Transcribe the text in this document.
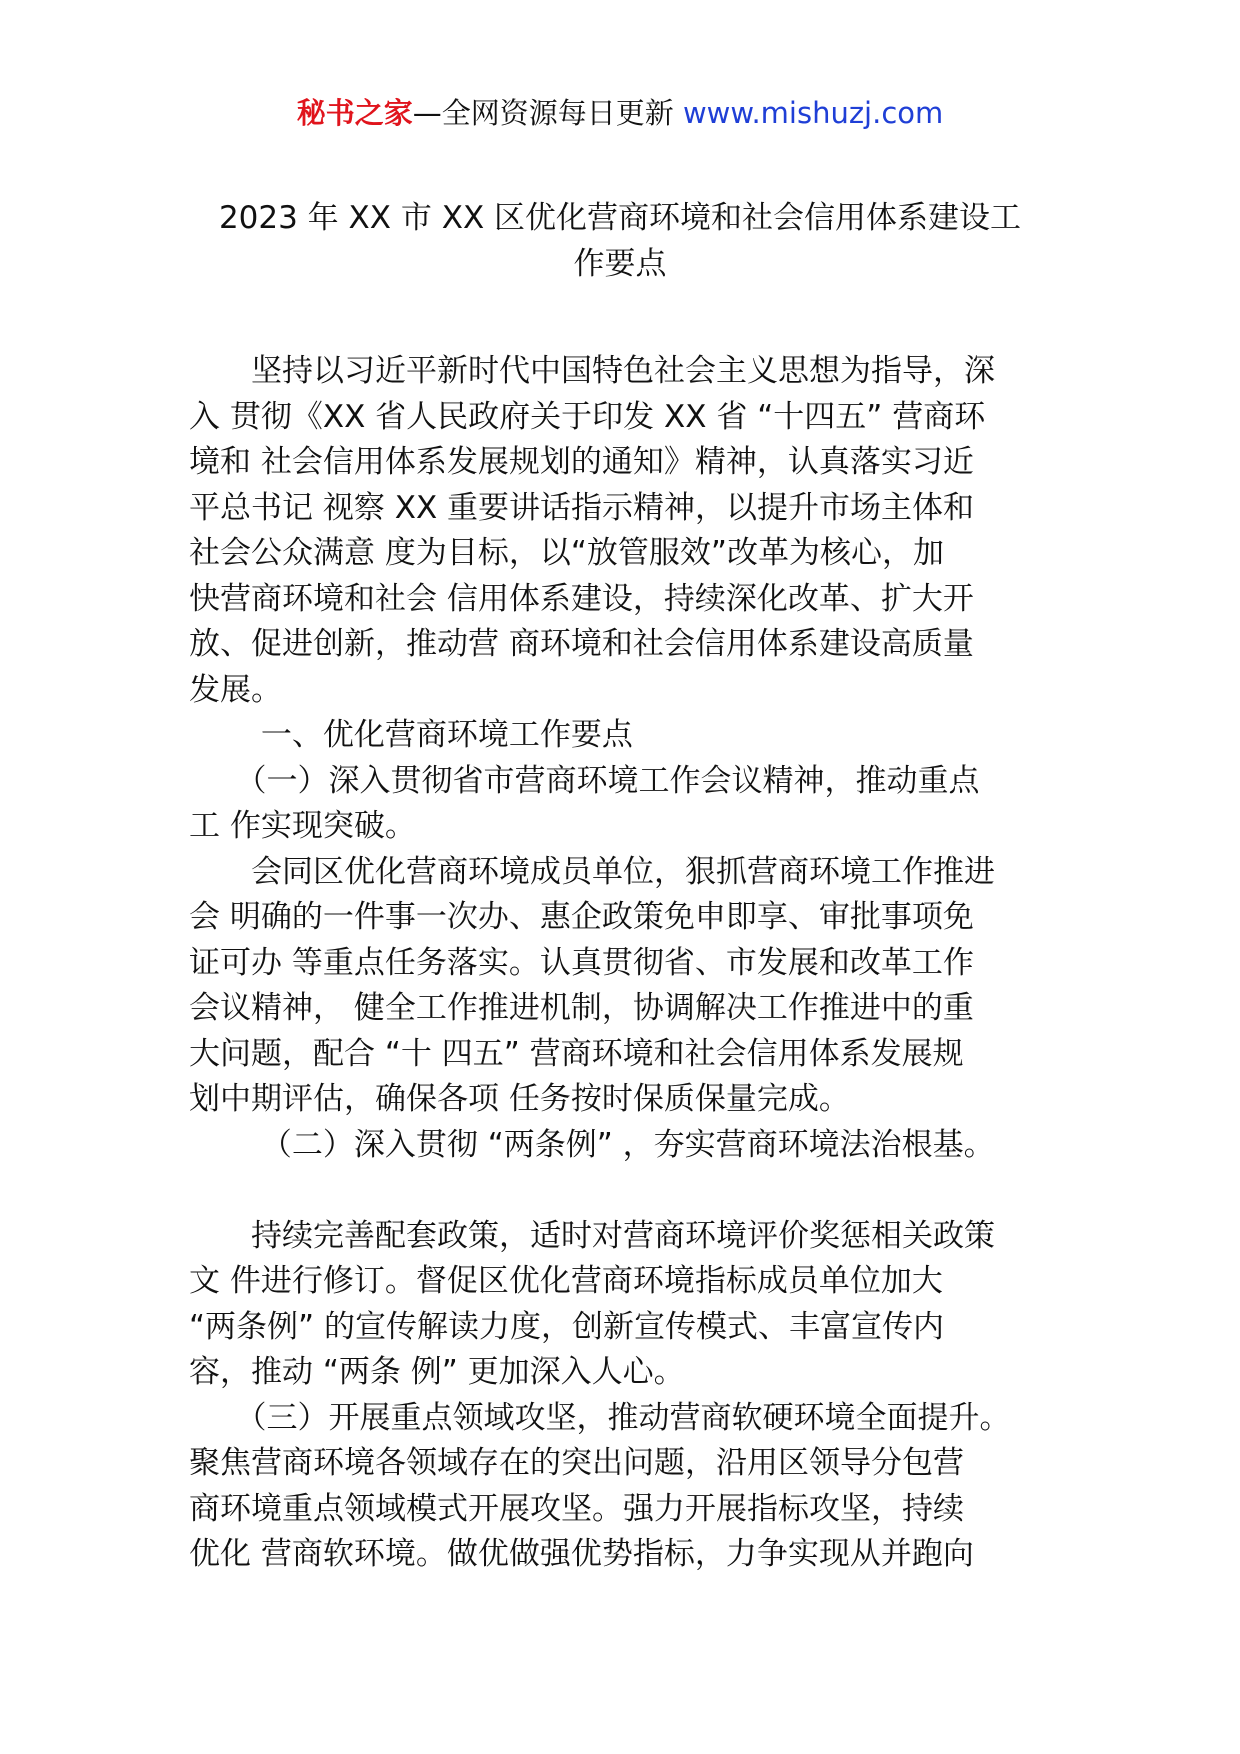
秘书之家—全网资源每日更新 www.mishuzj.com
2023 年 XX 市 XX 区优化营商环境和社会信用体系建设工
作要点
　　坚持以习近平新时代中国特色社会主义思想为指导，深
入 贯彻《XX 省人民政府关于印发 XX 省 “十四五” 营商环
境和 社会信用体系发展规划的通知》精神，认真落实习近
平总书记 视察 XX 重要讲话指示精神，以提升市场主体和
社会公众满意 度为目标，以“放管服效”改革为核心，加
快营商环境和社会 信用体系建设，持续深化改革、扩大开
放、促进创新，推动营 商环境和社会信用体系建设高质量
发展。
　　 一、优化营商环境工作要点
　　（一）深入贯彻省市营商环境工作会议精神，推动重点
工 作实现突破。
　　会同区优化营商环境成员单位，狠抓营商环境工作推进
会 明确的一件事一次办、惠企政策免申即享、审批事项免
证可办 等重点任务落实。认真贯彻省、市发展和改革工作
会议精神， 健全工作推进机制，协调解决工作推进中的重
大问题，配合 “十 四五” 营商环境和社会信用体系发展规
划中期评估，确保各项 任务按时保质保量完成。
　　 （二）深入贯彻 “两条例” ，夯实营商环境法治根基。
　　持续完善配套政策，适时对营商环境评价奖惩相关政策
文 件进行修订。督促区优化营商环境指标成员单位加大
“两条例” 的宣传解读力度，创新宣传模式、丰富宣传内
容，推动 “两条 例” 更加深入人心。
　　（三）开展重点领域攻坚，推动营商软硬环境全面提升。
聚焦营商环境各领域存在的突出问题，沿用区领导分包营
商环境重点领域模式开展攻坚。强力开展指标攻坚，持续
优化 营商软环境。做优做强优势指标，力争实现从并跑向
